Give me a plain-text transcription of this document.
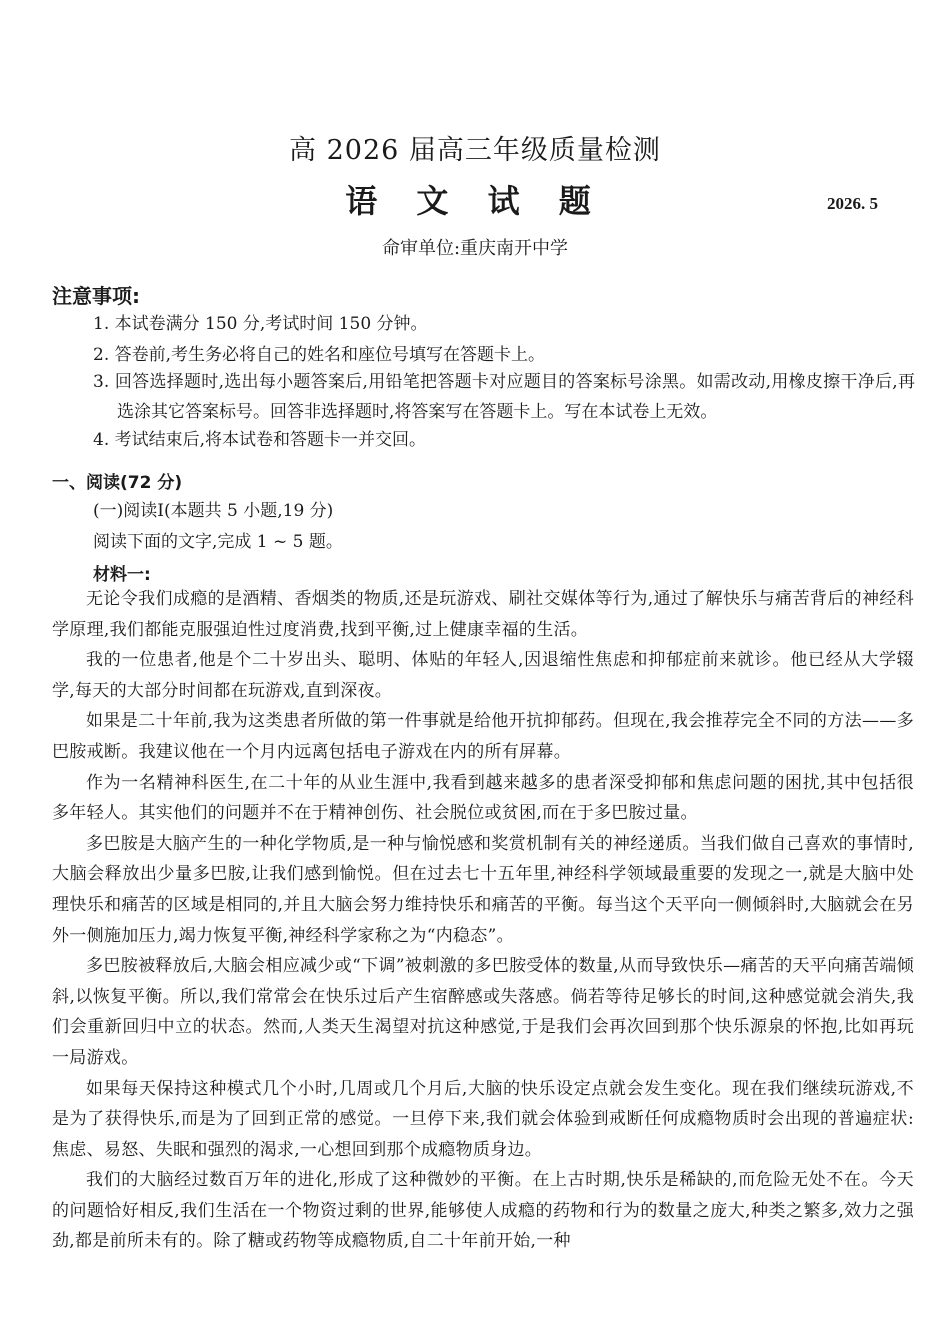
高 2026 届高三年级质量检测
语 文 试 题	2026. 5
命审单位:重庆南开中学
注意事项:
1. 本试卷满分 150 分,考试时间 150 分钟。
2. 答卷前,考生务必将自己的姓名和座位号填写在答题卡上。
3. 回答选择题时,选出每小题答案后,用铅笔把答题卡对应题目的答案标号涂黑。如需改动,用橡皮擦干净后,再选涂其它答案标号。回答非选择题时,将答案写在答题卡上。写在本试卷上无效。
4. 考试结束后,将本试卷和答题卡一并交回。
一、阅读(72 分)
(一)阅读Ⅰ(本题共 5 小题,19 分)
阅读下面的文字,完成 1 ~ 5 题。
材料一:

无论令我们成瘾的是酒精、香烟类的物质,还是玩游戏、刷社交媒体等行为,通过了解快乐与痛苦背后的神经科学原理,我们都能克服强迫性过度消费,找到平衡,过上健康幸福的生活。

我的一位患者,他是个二十岁出头、聪明、体贴的年轻人,因退缩性焦虑和抑郁症前来就诊。他已经从大学辍学,每天的大部分时间都在玩游戏,直到深夜。

如果是二十年前,我为这类患者所做的第一件事就是给他开抗抑郁药。但现在,我会推荐完全不同的方法——多巴胺戒断。我建议他在一个月内远离包括电子游戏在内的所有屏幕。

作为一名精神科医生,在二十年的从业生涯中,我看到越来越多的患者深受抑郁和焦虑问题的困扰,其中包括很多年轻人。其实他们的问题并不在于精神创伤、社会脱位或贫困,而在于多巴胺过量。

多巴胺是大脑产生的一种化学物质,是一种与愉悦感和奖赏机制有关的神经递质。当我们做自己喜欢的事情时,大脑会释放出少量多巴胺,让我们感到愉悦。但在过去七十五年里,神经科学领域最重要的发现之一,就是大脑中处理快乐和痛苦的区域是相同的,并且大脑会努力维持快乐和痛苦的平衡。每当这个天平向一侧倾斜时,大脑就会在另外一侧施加压力,竭力恢复平衡,神经科学家称之为“内稳态”。

多巴胺被释放后,大脑会相应减少或“下调”被刺激的多巴胺受体的数量,从而导致快乐—痛苦的天平向痛苦端倾斜,以恢复平衡。所以,我们常常会在快乐过后产生宿醉感或失落感。倘若等待足够长的时间,这种感觉就会消失,我们会重新回归中立的状态。然而,人类天生渴望对抗这种感觉,于是我们会再次回到那个快乐源泉的怀抱,比如再玩一局游戏。

如果每天保持这种模式几个小时,几周或几个月后,大脑的快乐设定点就会发生变化。现在我们继续玩游戏,不是为了获得快乐,而是为了回到正常的感觉。一旦停下来,我们就会体验到戒断任何成瘾物质时会出现的普遍症状:焦虑、易怒、失眠和强烈的渴求,一心想回到那个成瘾物质身边。

我们的大脑经过数百万年的进化,形成了这种微妙的平衡。在上古时期,快乐是稀缺的,而危险无处不在。今天的问题恰好相反,我们生活在一个物资过剩的世界,能够使人成瘾的药物和行为的数量之庞大,种类之繁多,效力之强劲,都是前所未有的。除了糖或药物等成瘾物质,自二十年前开始,一种
